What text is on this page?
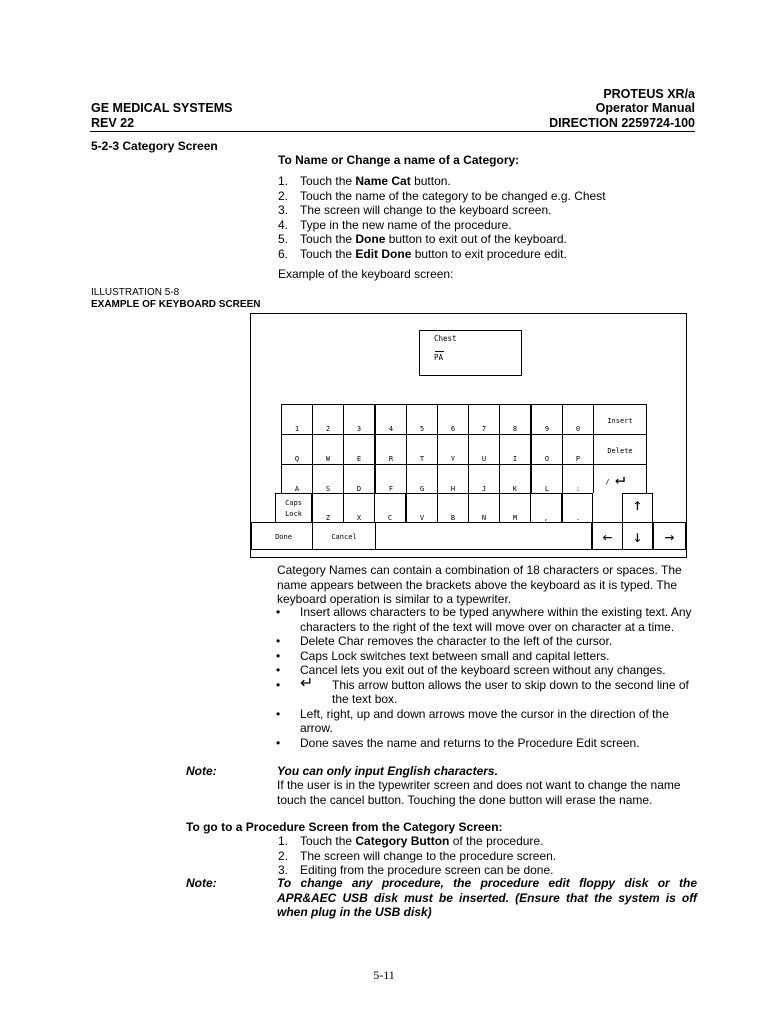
PROTEUS XR/a
GE MEDICAL SYSTEMS	Operator Manual
REV 22	DIRECTION 2259724-100
5-2-3 Category Screen
To Name or Change a name of a Category:
1. Touch the Name Cat button.
2. Touch the name of the category to be changed e.g. Chest
3. The screen will change to the keyboard screen.
4. Type in the new name of the procedure.
5. Touch the Done button to exit out of the keyboard.
6. Touch the Edit Done button to exit procedure edit.
Example of the keyboard screen:
ILLUSTRATION 5-8
EXAMPLE OF KEYBOARD SCREEN
Chest
PA
1	2	3	4	5	6	7	8	9	0
Q	W	E	R	T	Y	U	I	O	P
A	S	D	F	G	H	J	K	L	:
Insert
Delete
↵
Caps
Lock	Z	X	C	V	B	N	M	,	.
/
↑
Done	Cancel	←	↓	→
Category Names can contain a combination of 18 characters or spaces. The name appears between the brackets above the keyboard as it is typed. The keyboard operation is similar to a typewriter.
• Insert allows characters to be typed anywhere within the existing text. Any characters to the right of the text will move over on character at a time.
• Delete Char removes the character to the left of the cursor.
• Caps Lock switches text between small and capital letters.
• Cancel lets you exit out of the keyboard screen without any changes.
• ↵ This arrow button allows the user to skip down to the second line of the text box.
• Left, right, up and down arrows move the cursor in the direction of the arrow.
• Done saves the name and returns to the Procedure Edit screen.
Note:	You can only input English characters.
If the user is in the typewriter screen and does not want to change the name touch the cancel button. Touching the done button will erase the name.
To go to a Procedure Screen from the Category Screen:
1. Touch the Category Button of the procedure.
2. The screen will change to the procedure screen.
3. Editing from the procedure screen can be done.
Note:	To change any procedure, the procedure edit floppy disk or the APR&AEC USB disk must be inserted. (Ensure that the system is off when plug in the USB disk)
5-11
